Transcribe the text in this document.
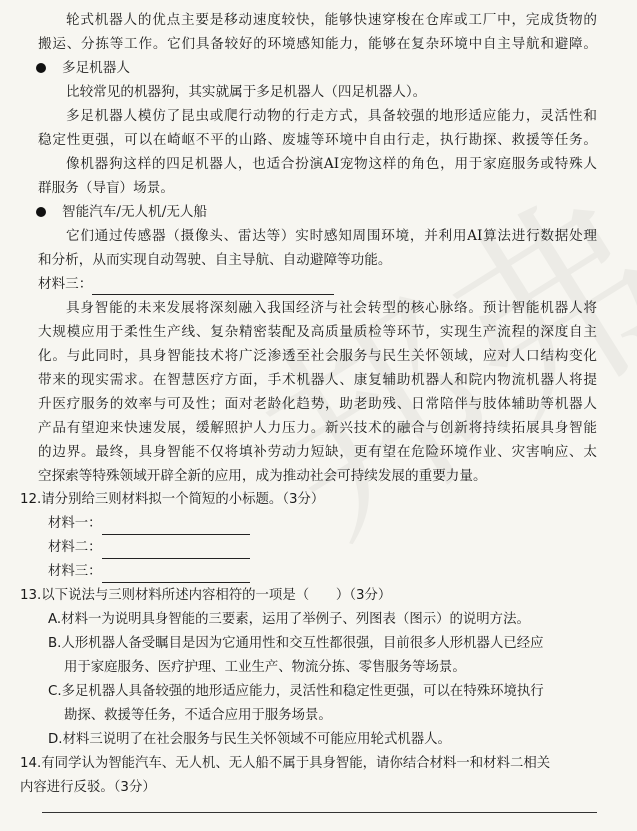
轮式机器人的优点主要是移动速度较快，能够快速穿梭在仓库或工厂中，完成货物的
搬运、分拣等工作。它们具备较好的环境感知能力，能够在复杂环境中自主导航和避障。
多足机器人
比较常见的机器狗，其实就属于多足机器人（四足机器人）。
多足机器人模仿了昆虫或爬行动物的行走方式，具备较强的地形适应能力，灵活性和
稳定性更强，可以在崎岖不平的山路、废墟等环境中自由行走，执行勘探、救援等任务。
像机器狗这样的四足机器人，也适合扮演AI宠物这样的角色，用于家庭服务或特殊人
群服务（导盲）场景。
智能汽车/无人机/无人船
它们通过传感器（摄像头、雷达等）实时感知周围环境，并利用AI算法进行数据处理
和分析，从而实现自动驾驶、自主导航、自动避障等功能。
材料三：
具身智能的未来发展将深刻融入我国经济与社会转型的核心脉络。预计智能机器人将
大规模应用于柔性生产线、复杂精密装配及高质量质检等环节，实现生产流程的深度自主
化。与此同时，具身智能技术将广泛渗透至社会服务与民生关怀领域，应对人口结构变化
带来的现实需求。在智慧医疗方面，手术机器人、康复辅助机器人和院内物流机器人将提
升医疗服务的效率与可及性；面对老龄化趋势，助老助残、日常陪伴与肢体辅助等机器人
产品有望迎来快速发展，缓解照护人力压力。新兴技术的融合与创新将持续拓展具身智能
的边界。最终，具身智能不仅将填补劳动力短缺，更有望在危险环境作业、灾害响应、太
空探索等特殊领域开辟全新的应用，成为推动社会可持续发展的重要力量。
12.请分别给三则材料拟一个简短的小标题。（3分）
材料一：
材料二：
材料三：
13.以下说法与三则材料所述内容相符的一项是（　　）（3分）
A.材料一为说明具身智能的三要素，运用了举例子、列图表（图示）的说明方法。
B.人形机器人备受瞩目是因为它通用性和交互性都很强，目前很多人形机器人已经应
用于家庭服务、医疗护理、工业生产、物流分拣、零售服务等场景。
C.多足机器人具备较强的地形适应能力，灵活性和稳定性更强，可以在特殊环境执行
勘探、救援等任务，不适合应用于服务场景。
D.材料三说明了在社会服务与民生关怀领域不可能应用轮式机器人。
14.有同学认为智能汽车、无人机、无人船不属于具身智能，请你结合材料一和材料二相关
内容进行反驳。（3分）
